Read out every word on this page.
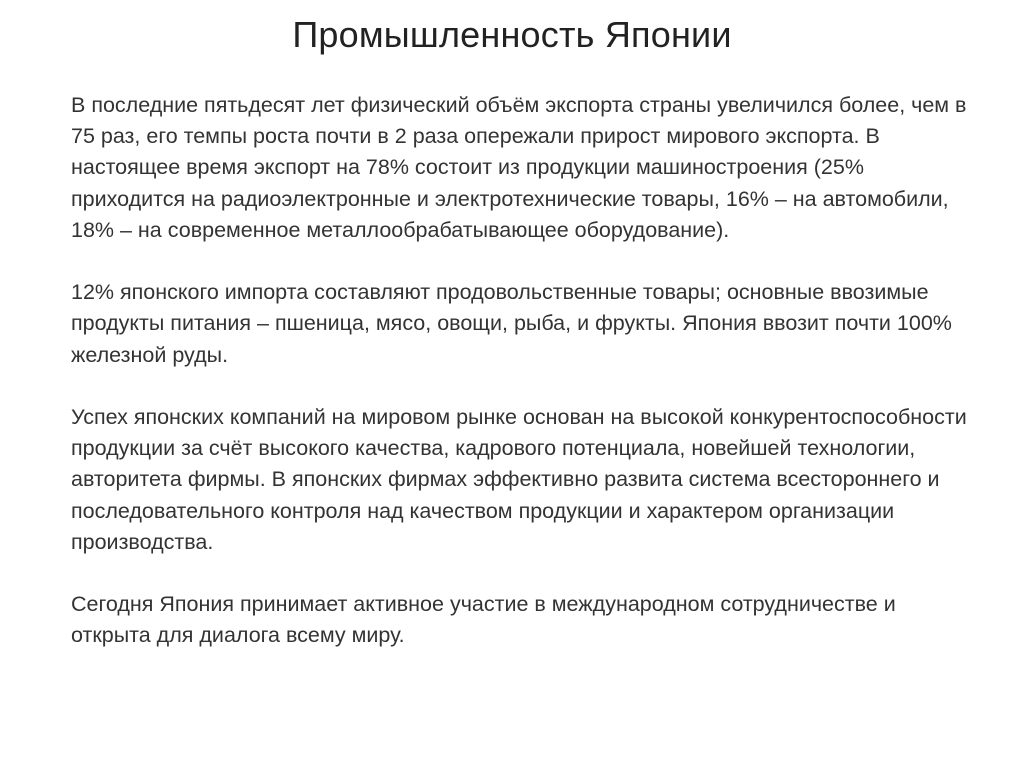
Промышленность Японии

В последние пятьдесят лет физический объём экспорта страны увеличился более, чем в 75 раз, его темпы роста почти в 2 раза опережали прирост мирового экспорта. В настоящее время экспорт на 78% состоит из продукции машиностроения (25% приходится на радиоэлектронные и электротехнические товары, 16% – на автомобили, 18% – на современное металлообрабатывающее оборудование).

12% японского импорта составляют продовольственные товары; основные ввозимые продукты питания – пшеница, мясо, овощи, рыба, и фрукты. Япония ввозит почти 100% железной руды.

Успех японских компаний на мировом рынке основан на высокой конкурентоспособности продукции за счёт высокого качества, кадрового потенциала, новейшей технологии, авторитета фирмы. В японских фирмах эффективно развита система всестороннего и последовательного контроля над качеством продукции и характером организации производства.

Сегодня Япония принимает активное участие в международном сотрудничестве и открыта для диалога всему миру.
